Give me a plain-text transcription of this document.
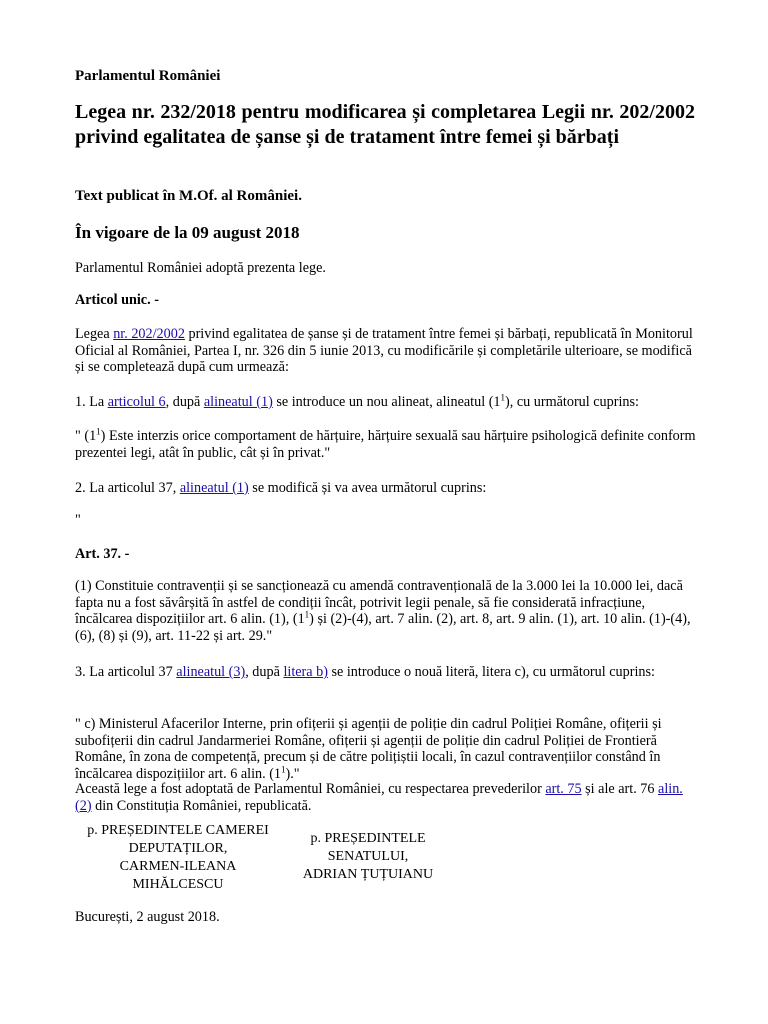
Parlamentul României
Legea nr. 232/2018 pentru modificarea și completarea Legii nr. 202/2002 privind egalitatea de șanse și de tratament între femei și bărbați
Text publicat în M.Of. al României.
În vigoare de la 09 august 2018

Parlamentul României adoptă prezenta lege.

Articol unic. -

Legea nr. 202/2002 privind egalitatea de șanse și de tratament între femei și bărbați, republicată în Monitorul Oficial al României, Partea I, nr. 326 din 5 iunie 2013, cu modificările și completările ulterioare, se modifică și se completează după cum urmează:

1. La articolul 6, după alineatul (1) se introduce un nou alineat, alineatul $(1^1)$, cu următorul cuprins:

" $(1^1)$ Este interzis orice comportament de hărțuire, hărțuire sexuală sau hărțuire psihologică definite conform prezentei legi, atât în public, cât și în privat."

2. La articolul 37, alineatul (1) se modifică și va avea următorul cuprins:

"

Art. 37. -

(1) Constituie contravenții și se sancționează cu amendă contravențională de la 3.000 lei la 10.000 lei, dacă fapta nu a fost săvârșită în astfel de condiții încât, potrivit legii penale, să fie considerată infracțiune, încălcarea dispozițiilor art. 6 alin. (1), $(1^1)$ și (2)-(4), art. 7 alin. (2), art. 8, art. 9 alin. (1), art. 10 alin. (1)-(4), (6), (8) și (9), art. 11-22 și art. 29."

3. La articolul 37 alineatul (3), după litera b) se introduce o nouă literă, litera c), cu următorul cuprins:

" c) Ministerul Afacerilor Interne, prin ofițerii și agenții de poliție din cadrul Poliției Române, ofițerii și subofițerii din cadrul Jandarmeriei Române, ofițerii și agenții de poliție din cadrul Poliției de Frontieră Române, în zona de competență, precum și de către polițiștii locali, în cazul contravențiilor constând în încălcarea dispozițiilor art. 6 alin. $(1^1)$."

Această lege a fost adoptată de Parlamentul României, cu respectarea prevederilor art. 75 și ale art. 76 alin. (2) din Constituția României, republicată.

p. PREȘEDINTELE CAMEREI
DEPUTAȚILOR,
CARMEN-ILEANA
MIHĂLCESCU
p. PREȘEDINTELE
SENATULUI,
ADRIAN ȚUȚUIANU

București, 2 august 2018.
